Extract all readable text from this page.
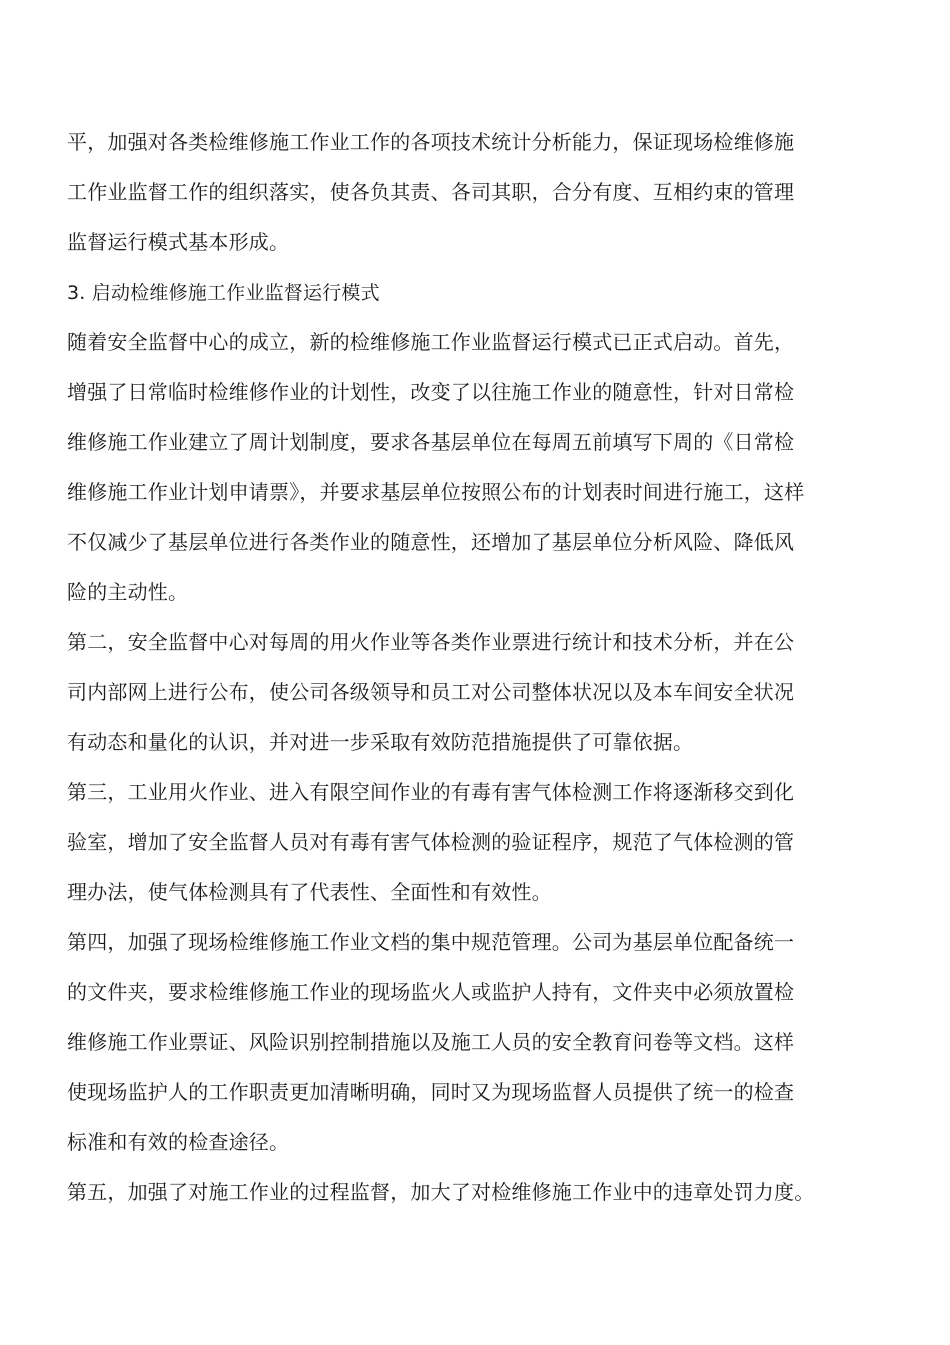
平，加强对各类检维修施工作业工作的各项技术统计分析能力，保证现场检维修施
工作业监督工作的组织落实，使各负其责、各司其职，合分有度、互相约束的管理
监督运行模式基本形成。
3. 启动检维修施工作业监督运行模式
随着安全监督中心的成立，新的检维修施工作业监督运行模式已正式启动。首先，
增强了日常临时检维修作业的计划性，改变了以往施工作业的随意性，针对日常检
维修施工作业建立了周计划制度，要求各基层单位在每周五前填写下周的《日常检
维修施工作业计划申请票》，并要求基层单位按照公布的计划表时间进行施工，这样
不仅减少了基层单位进行各类作业的随意性，还增加了基层单位分析风险、降低风
险的主动性。
第二，安全监督中心对每周的用火作业等各类作业票进行统计和技术分析，并在公
司内部网上进行公布，使公司各级领导和员工对公司整体状况以及本车间安全状况
有动态和量化的认识，并对进一步采取有效防范措施提供了可靠依据。
第三，工业用火作业、进入有限空间作业的有毒有害气体检测工作将逐渐移交到化
验室，增加了安全监督人员对有毒有害气体检测的验证程序，规范了气体检测的管
理办法，使气体检测具有了代表性、全面性和有效性。
第四，加强了现场检维修施工作业文档的集中规范管理。公司为基层单位配备统一
的文件夹，要求检维修施工作业的现场监火人或监护人持有，文件夹中必须放置检
维修施工作业票证、风险识别控制措施以及施工人员的安全教育问卷等文档。这样
使现场监护人的工作职责更加清晰明确，同时又为现场监督人员提供了统一的检查
标准和有效的检查途径。
第五，加强了对施工作业的过程监督，加大了对检维修施工作业中的违章处罚力度。
